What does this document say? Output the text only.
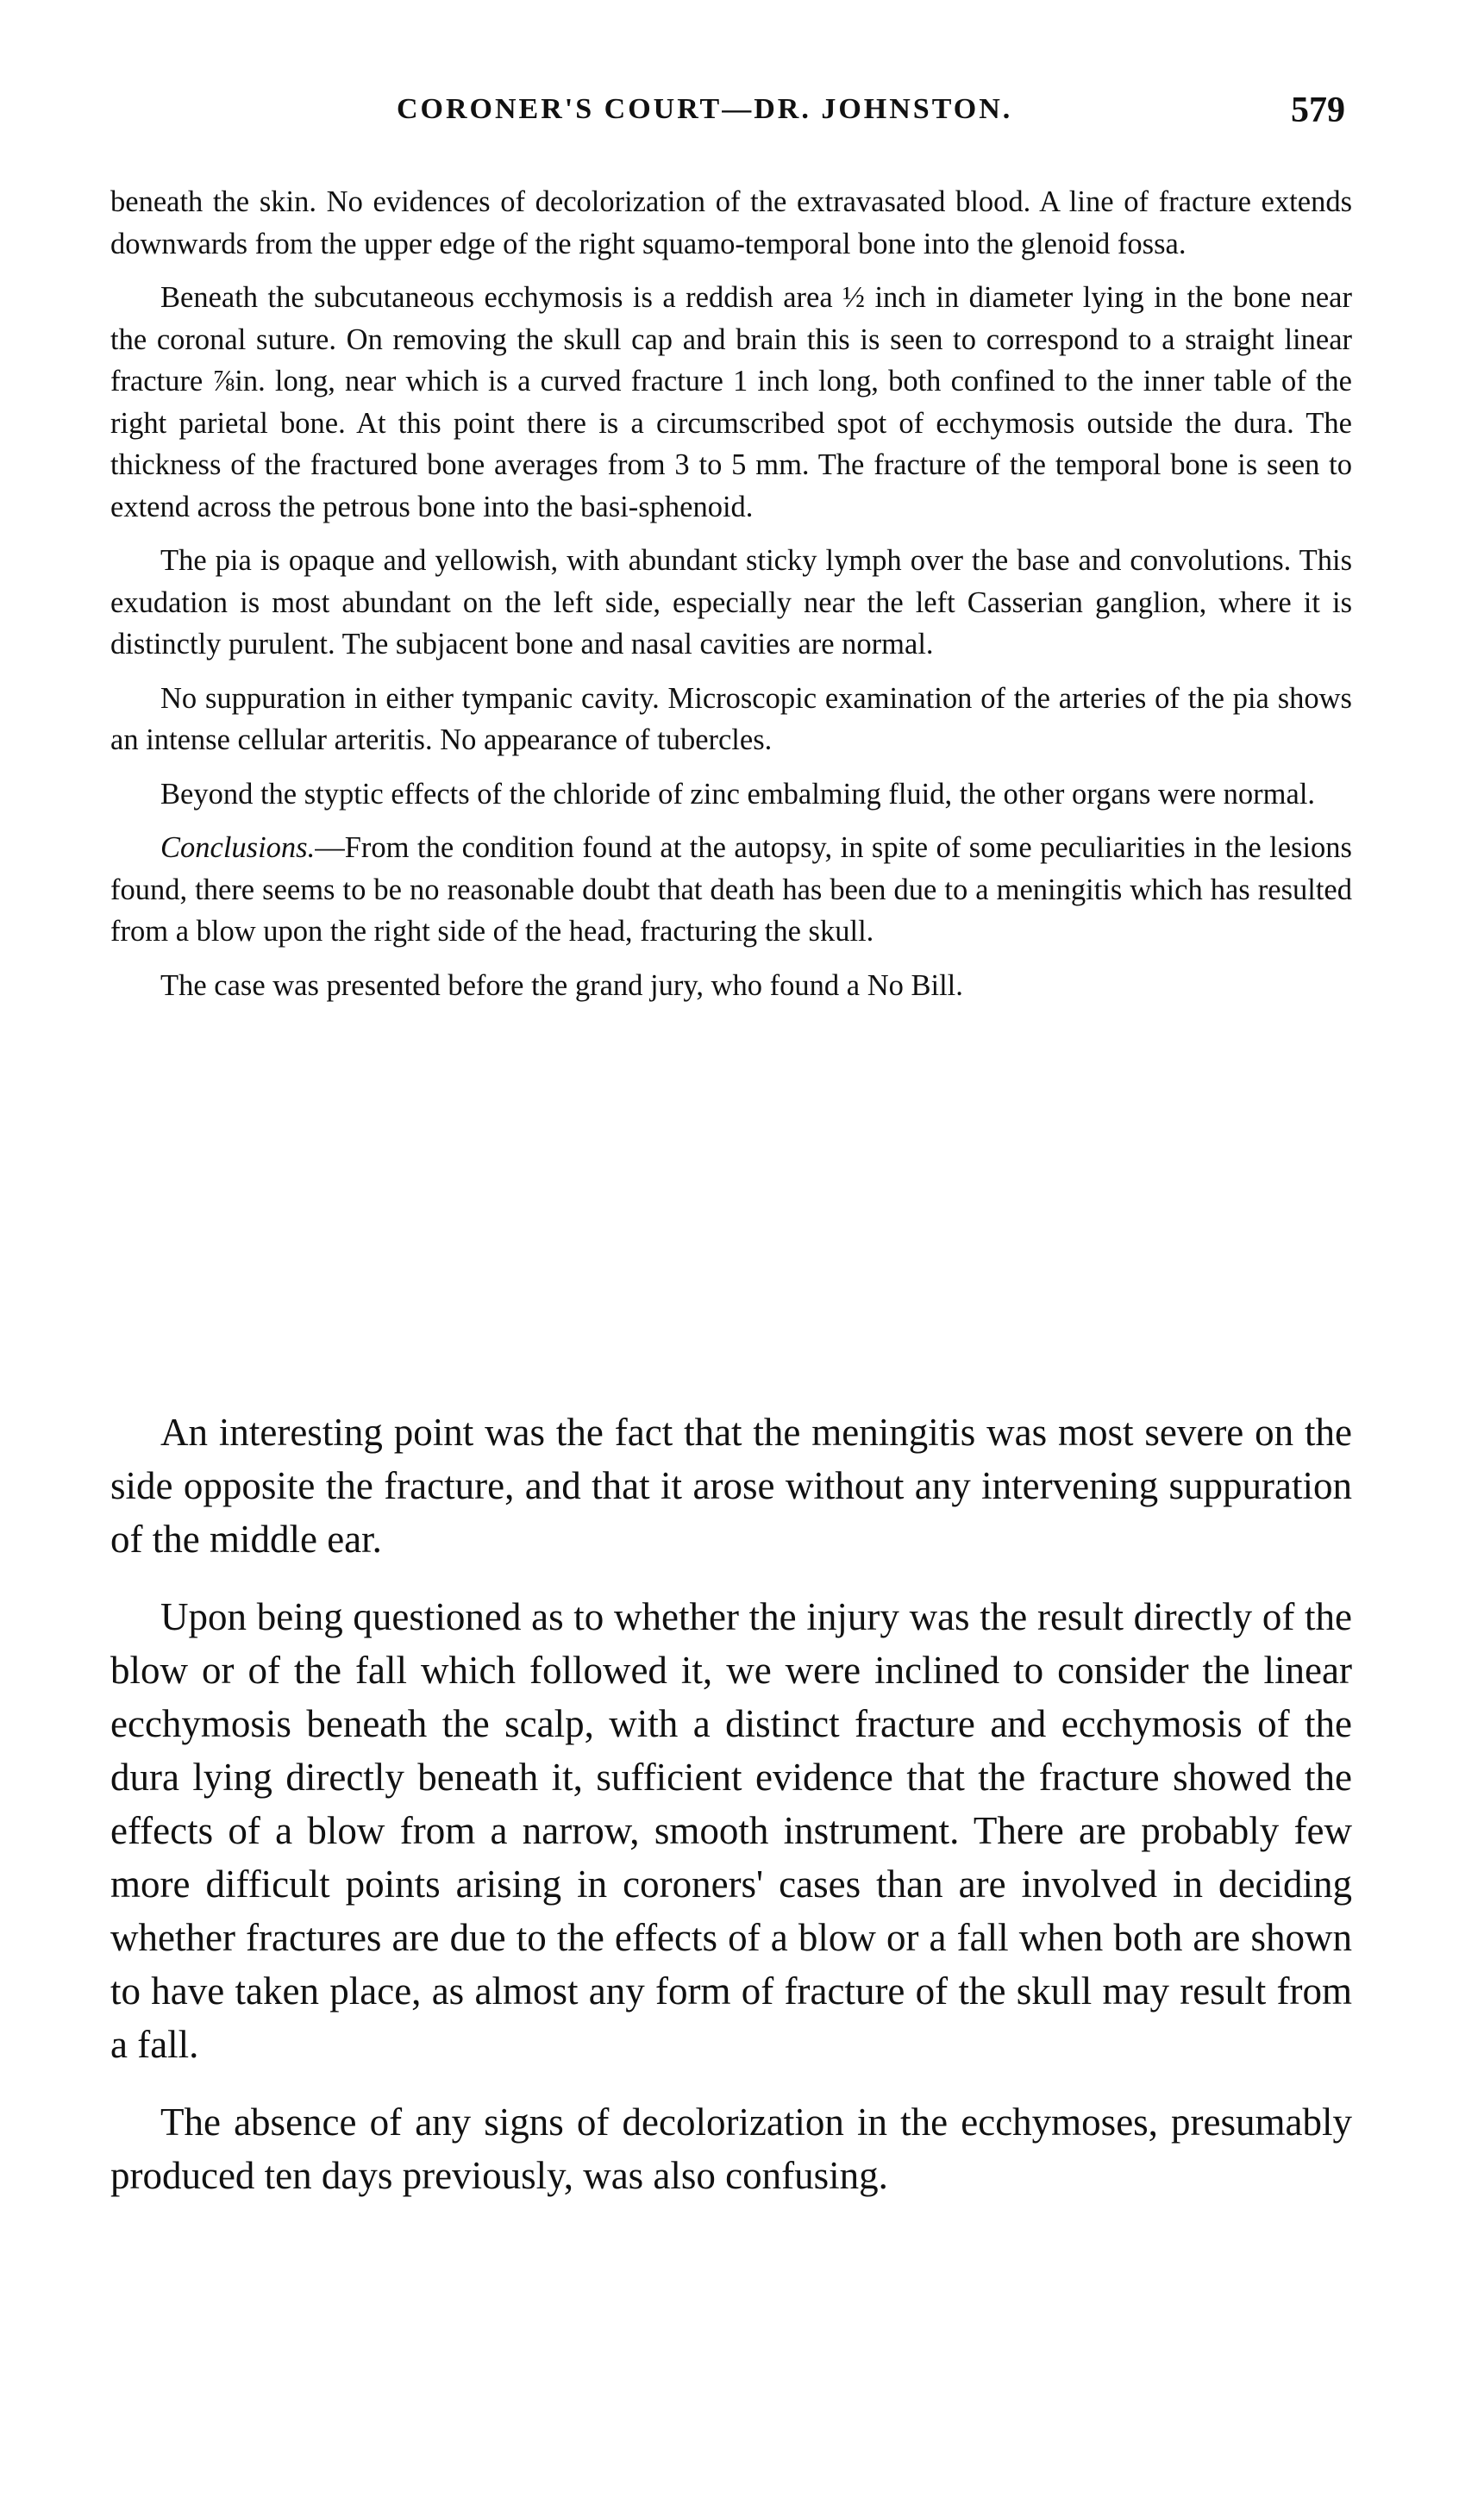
CORONER'S COURT—DR. JOHNSTON.	579

beneath the skin. No evidences of decolorization of the extravasated blood. A line of fracture extends downwards from the upper edge of the right squamo-temporal bone into the glenoid fossa.

Beneath the subcutaneous ecchymosis is a reddish area ½ inch in diameter lying in the bone near the coronal suture. On removing the skull cap and brain this is seen to correspond to a straight linear fracture ⅞in. long, near which is a curved fracture 1 inch long, both confined to the inner table of the right parietal bone. At this point there is a circumscribed spot of ecchymosis outside the dura. The thickness of the fractured bone averages from 3 to 5 mm. The fracture of the temporal bone is seen to extend across the petrous bone into the basi-sphenoid.

The pia is opaque and yellowish, with abundant sticky lymph over the base and convolutions. This exudation is most abundant on the left side, especially near the left Casserian ganglion, where it is distinctly purulent. The subjacent bone and nasal cavities are normal.

No suppuration in either tympanic cavity. Microscopic examination of the arteries of the pia shows an intense cellular arteritis. No appearance of tubercles.

Beyond the styptic effects of the chloride of zinc embalming fluid, the other organs were normal.

Conclusions.—From the condition found at the autopsy, in spite of some peculiarities in the lesions found, there seems to be no reasonable doubt that death has been due to a meningitis which has resulted from a blow upon the right side of the head, fracturing the skull.

The case was presented before the grand jury, who found a No Bill.

An interesting point was the fact that the meningitis was most severe on the side opposite the fracture, and that it arose without any intervening suppuration of the middle ear.

Upon being questioned as to whether the injury was the result directly of the blow or of the fall which followed it, we were inclined to consider the linear ecchymosis beneath the scalp, with a distinct fracture and ecchymosis of the dura lying directly beneath it, sufficient evidence that the fracture showed the effects of a blow from a narrow, smooth instrument. There are probably few more difficult points arising in coroners' cases than are involved in deciding whether fractures are due to the effects of a blow or a fall when both are shown to have taken place, as almost any form of fracture of the skull may result from a fall.

The absence of any signs of decolorization in the ecchymoses, presumably produced ten days previously, was also confusing.
